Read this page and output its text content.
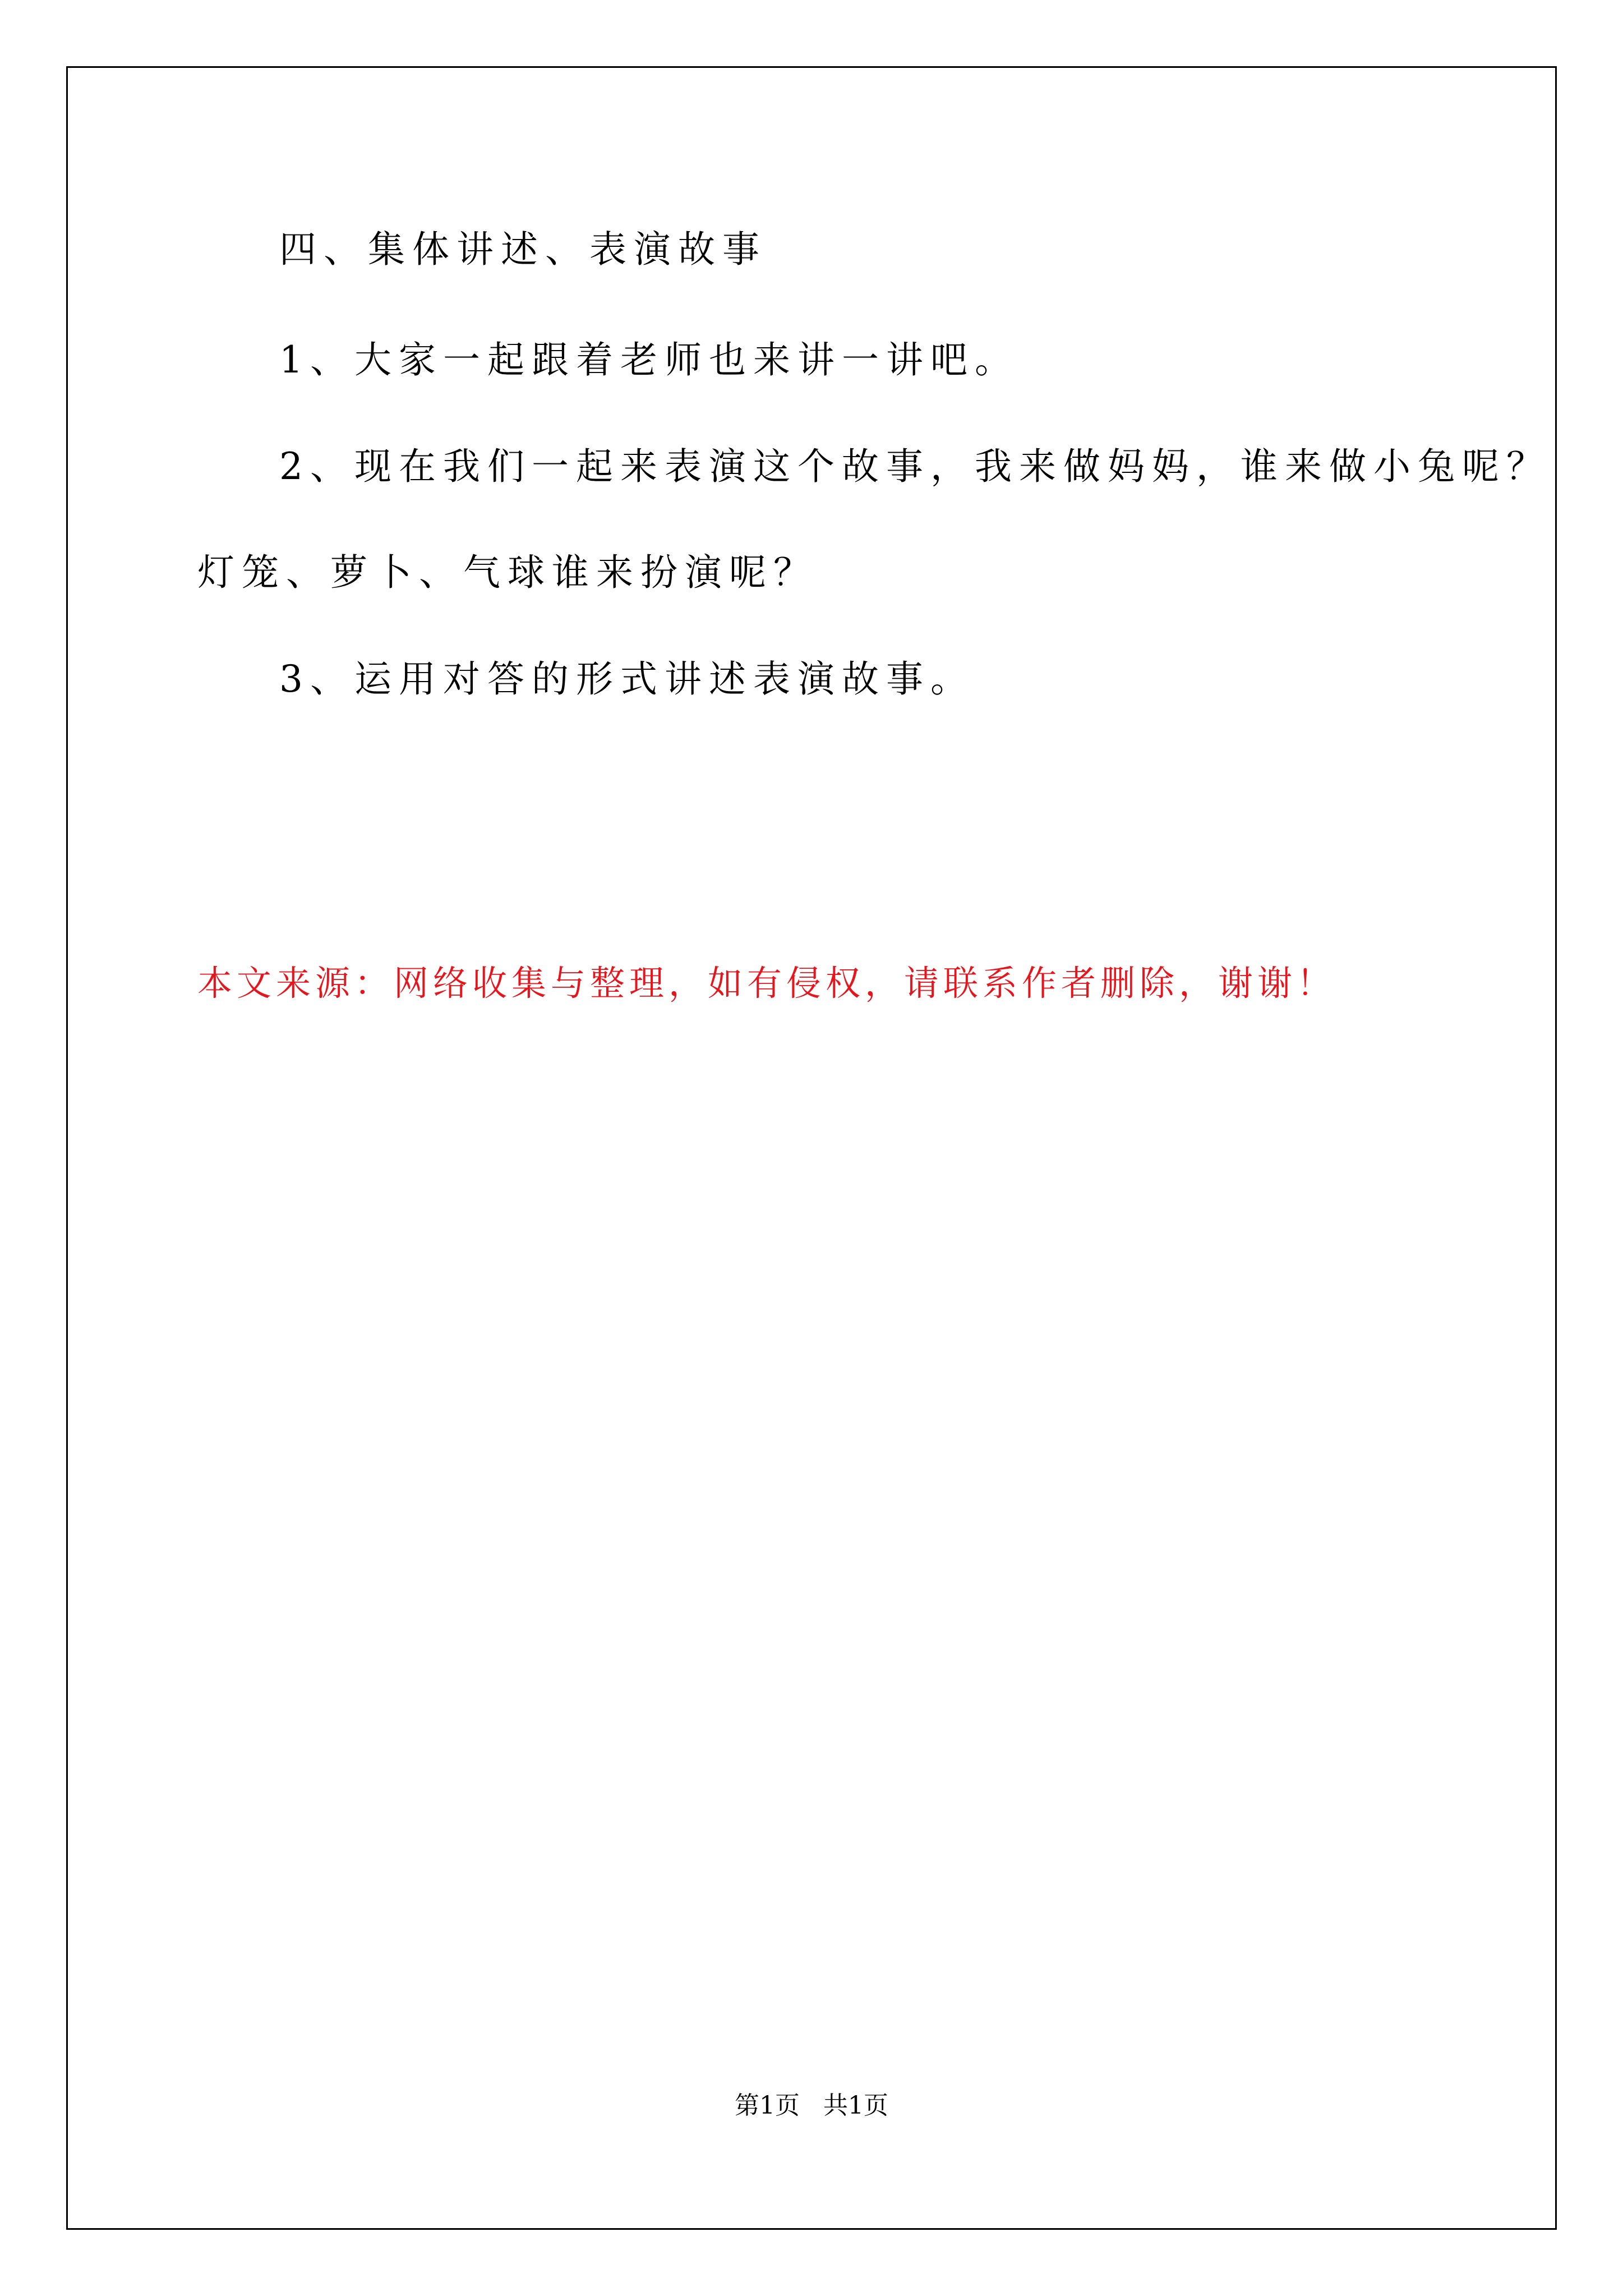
四、集体讲述、表演故事
1、大家一起跟着老师也来讲一讲吧。
2、现在我们一起来表演这个故事，我来做妈妈，谁来做小兔呢？
灯笼、萝卜、气球谁来扮演呢？
3、运用对答的形式讲述表演故事。
本文来源：网络收集与整理，如有侵权，请联系作者删除，谢谢！
第1页   共1页
